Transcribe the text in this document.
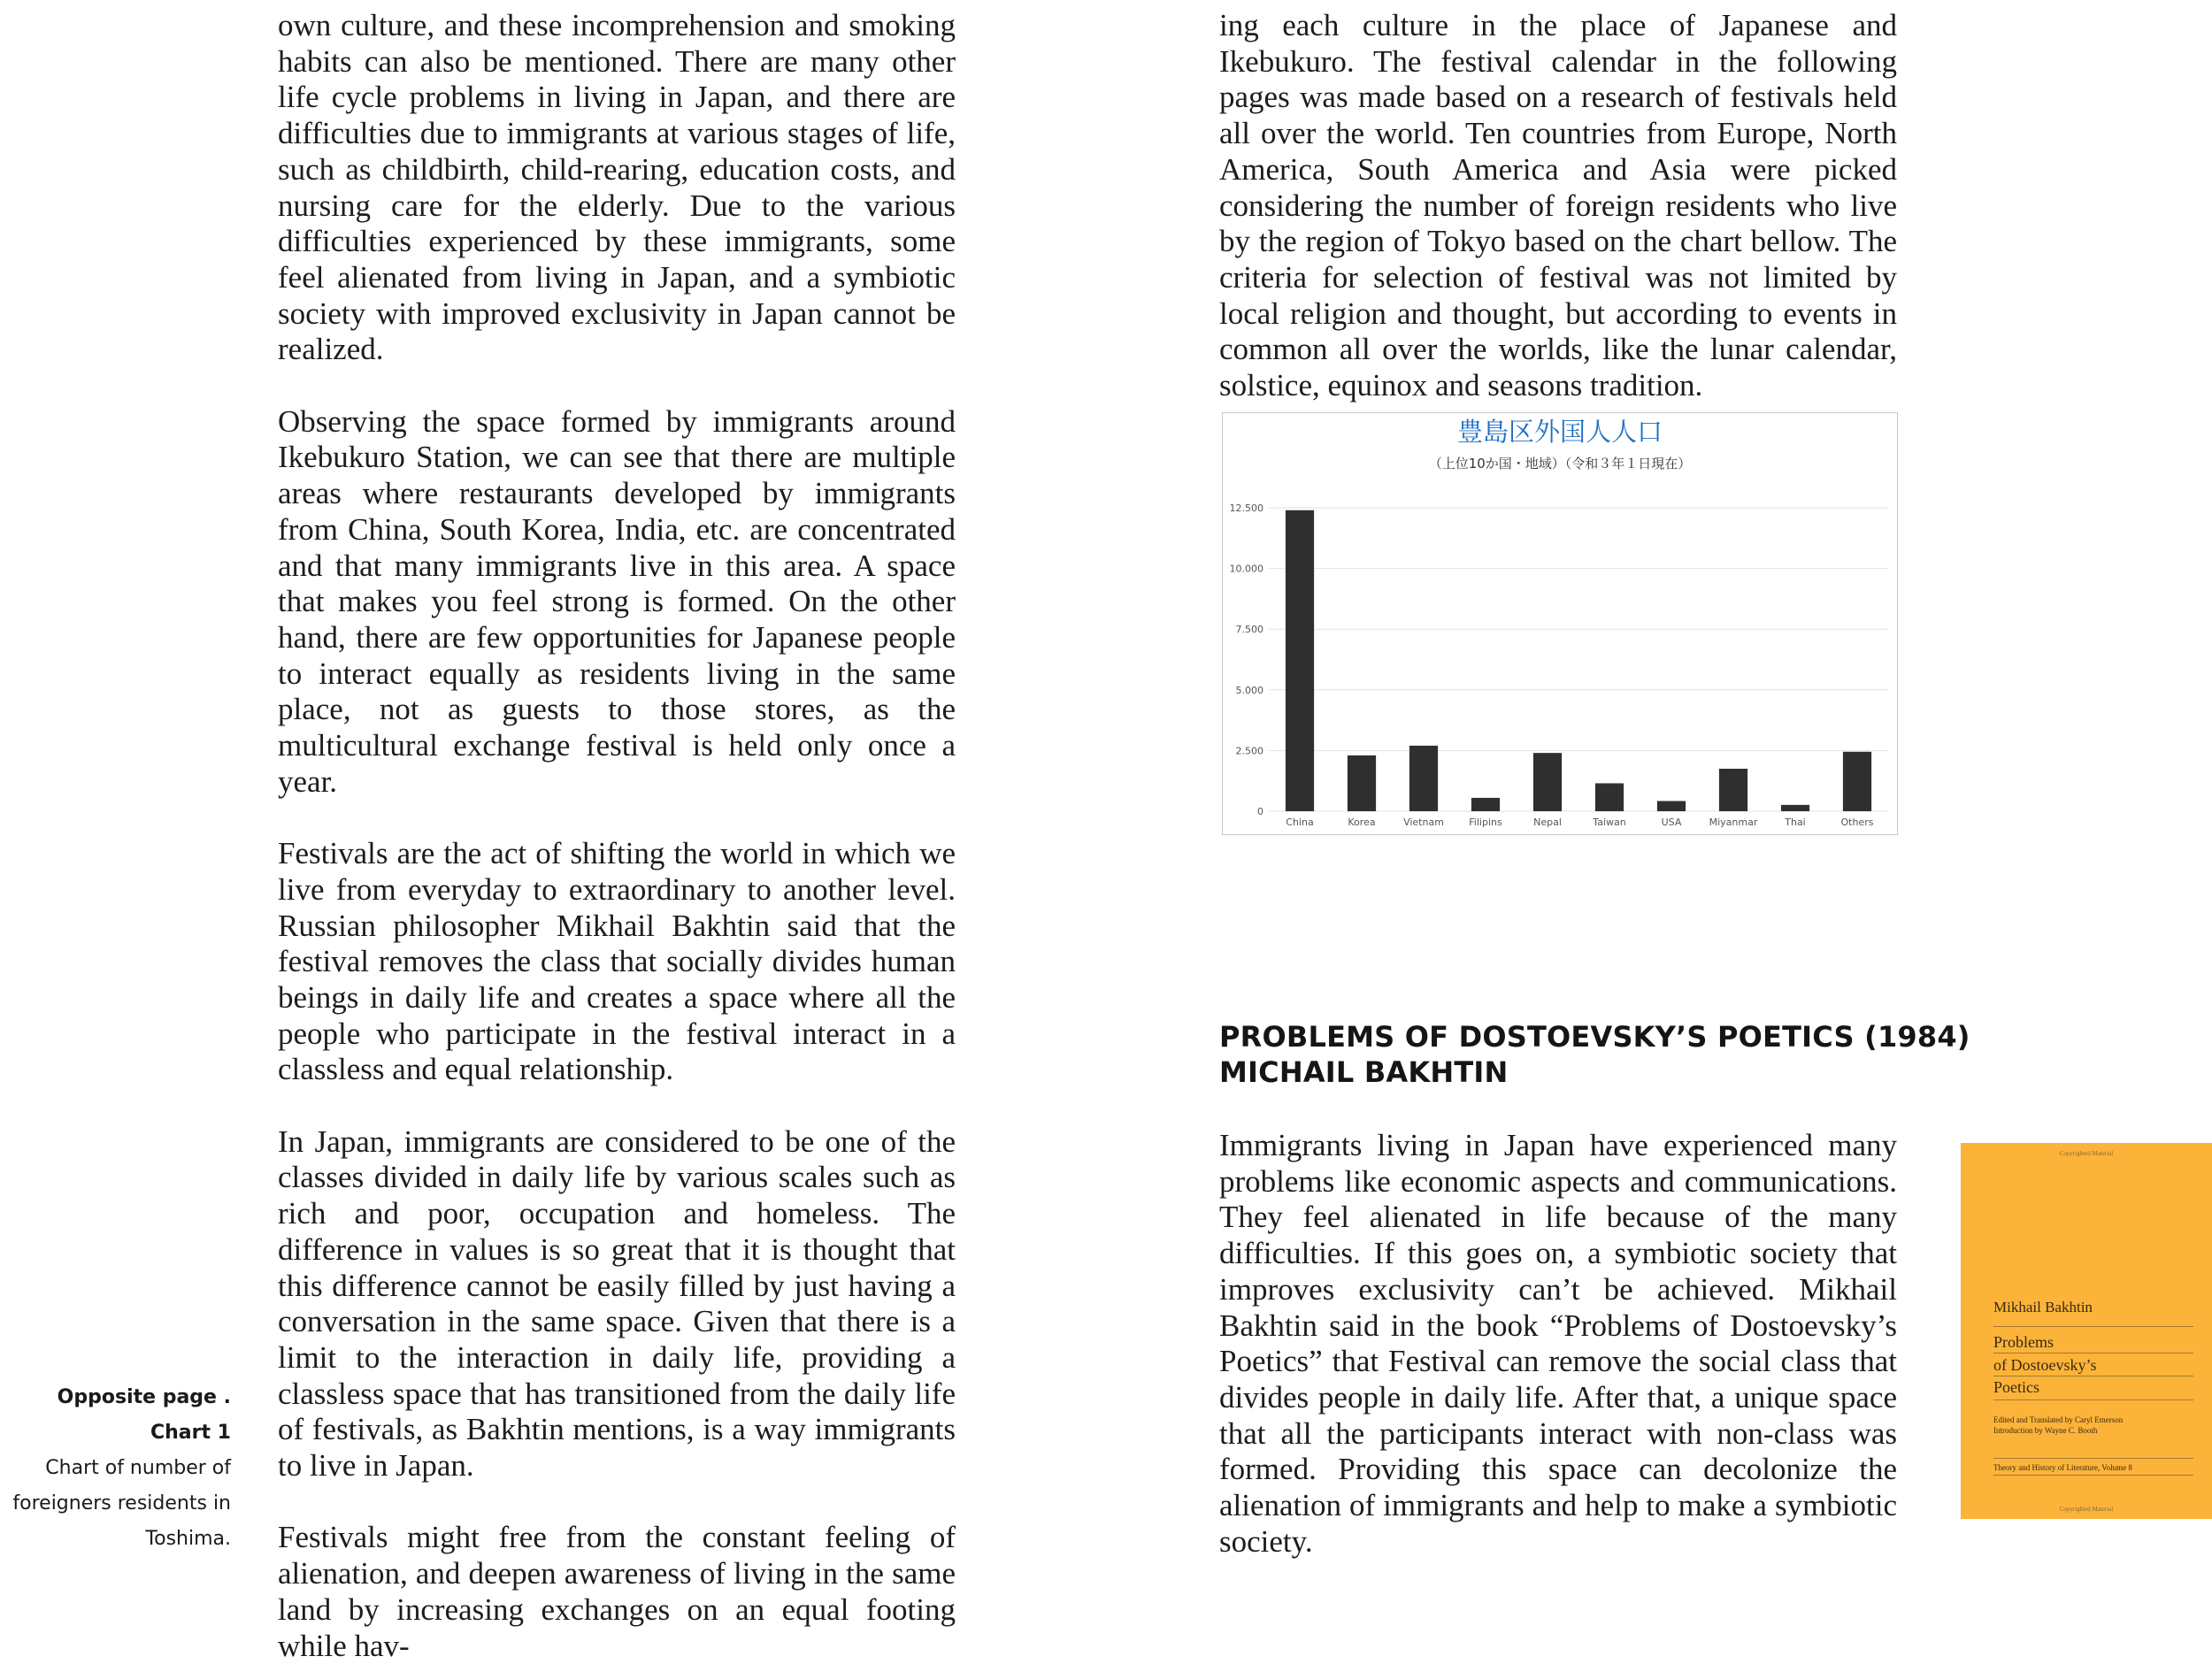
own culture, and these incomprehension and smoking habits can also be mentioned. There are many other life cycle problems in living in Japan, and there are difficulties due to immigrants at various stages of life, such as childbirth, child-rearing, education costs, and nursing care for the elderly. Due to the various difficulties experienced by these immigrants, some feel alienated from living in Japan, and a symbiotic society with improved exclusivity in Japan cannot be realized.

Observing the space formed by immigrants around Ikebukuro Station, we can see that there are multiple areas where restaurants developed by immigrants from China, South Korea, India, etc. are concentrated and that many immigrants live in this area. A space that makes you feel strong is formed. On the other hand, there are few opportunities for Japanese people to interact equally as residents living in the same place, not as guests to those stores, as the multicultural exchange festival is held only once a year.

Festivals are the act of shifting the world in which we live from everyday to extraordinary to another level. Russian philosopher Mikhail Bakhtin said that the festival removes the class that socially divides human beings in daily life and creates a space where all the people who participate in the festival interact in a classless and equal relationship.

In Japan, immigrants are considered to be one of the classes divided in daily life by various scales such as rich and poor, occupation and homeless. The difference in values is so great that it is thought that this difference cannot be easily filled by just having a conversation in the same space. Given that there is a limit to the interaction in daily life, providing a classless space that has transitioned from the daily life of festivals, as Bakhtin mentions, is a way immigrants to live in Japan.

Festivals might free from the constant feeling of alienation, and deepen awareness of living in the same land by increasing exchanges on an equal footing while hav-

Opposite page . Chart 1
Chart of number of
foreigners residents in
Toshima.

ing each culture in the place of Japanese and Ikebukuro. The festival calendar in the following pages was made based on a research of festivals held all over the world. Ten countries from Europe, North America, South America and Asia were picked considering the number of foreign residents who live by the region of Tokyo based on the chart bellow. The criteria for selection of festival was not limited by local religion and thought, but according to events in common all over the worlds, like the lunar calendar, solstice, equinox and seasons tradition.

豊島区外国人人口
（上位10か国・地域）（令和３年１日現在）
0
2.500
5.000
7.500
10.000
12.500
China	Korea	Vietnam	Filipins	Nepal	Taiwan	USA	Miyanmar	Thai	Others
PROBLEMS OF DOSTOEVSKY’S POETICS (1984)
MICHAIL BAKHTIN

Immigrants living in Japan have experienced many problems like economic aspects and communications. They feel alienated in life because of the many difficulties. If this goes on, a symbiotic society that improves exclusivity can’t be achieved. Mikhail Bakhtin said in the book “Problems of Dostoevsky’s Poetics” that Festival can remove the social class that divides people in daily life. After that, a unique space that all the participants interact with non-class was formed. Providing this space can decolonize the alienation of immigrants and help to make a symbiotic society.

Copyrighted Material
Mikhail Bakhtin
Problems
of Dostoevsky’s
Poetics
Edited and Translated by Caryl Emerson
Introduction by Wayne C. Booth
Theory and History of Literature, Volume 8
Copyrighted Material
